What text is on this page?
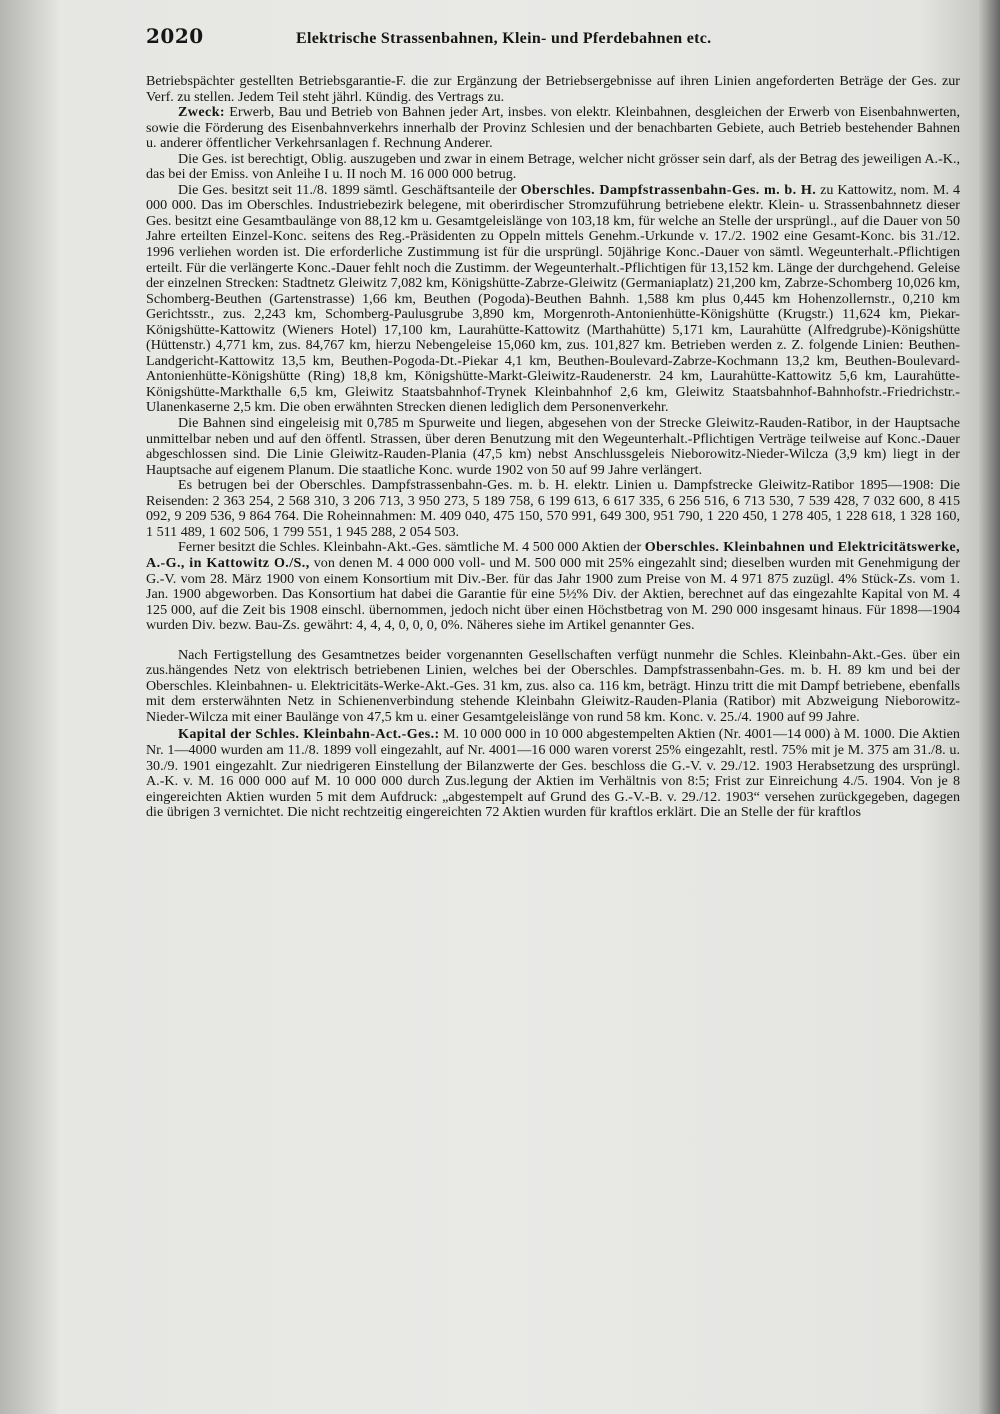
2020	Elektrische Strassenbahnen, Klein- und Pferdebahnen etc.

Betriebspächter gestellten Betriebsgarantie-F. die zur Ergänzung der Betriebsergebnisse auf ihren Linien angeforderten Beträge der Ges. zur Verf. zu stellen. Jedem Teil steht jährl. Kündig. des Vertrags zu.

Zweck: Erwerb, Bau und Betrieb von Bahnen jeder Art, insbes. von elektr. Kleinbahnen, desgleichen der Erwerb von Eisenbahnwerten, sowie die Förderung des Eisenbahnverkehrs innerhalb der Provinz Schlesien und der benachbarten Gebiete, auch Betrieb bestehender Bahnen u. anderer öffentlicher Verkehrsanlagen f. Rechnung Anderer.

Die Ges. ist berechtigt, Oblig. auszugeben und zwar in einem Betrage, welcher nicht grösser sein darf, als der Betrag des jeweiligen A.-K., das bei der Emiss. von Anleihe I u. II noch M. 16 000 000 betrug.

Die Ges. besitzt seit 11./8. 1899 sämtl. Geschäftsanteile der Oberschles. Dampfstrassenbahn-Ges. m. b. H. zu Kattowitz, nom. M. 4 000 000. Das im Oberschles. Industriebezirk belegene, mit oberirdischer Stromzuführung betriebene elektr. Klein- u. Strassenbahnnetz dieser Ges. besitzt eine Gesamtbaulänge von 88,12 km u. Gesamtgeleislänge von 103,18 km, für welche an Stelle der ursprüngl., auf die Dauer von 50 Jahre erteilten Einzel-Konc. seitens des Reg.-Präsidenten zu Oppeln mittels Genehm.-Urkunde v. 17./2. 1902 eine Gesamt-Konc. bis 31./12. 1996 verliehen worden ist. Die erforderliche Zustimmung ist für die ursprüngl. 50jährige Konc.-Dauer von sämtl. Wegeunterhalt.-Pflichtigen erteilt. Für die verlängerte Konc.-Dauer fehlt noch die Zustimm. der Wegeunterhalt.-Pflichtigen für 13,152 km. Länge der durchgehend. Geleise der einzelnen Strecken: Stadtnetz Gleiwitz 7,082 km, Königshütte-Zabrze-Gleiwitz (Germaniaplatz) 21,200 km, Zabrze-Schomberg 10,026 km, Schomberg-Beuthen (Gartenstrasse) 1,66 km, Beuthen (Pogoda)-Beuthen Bahnh. 1,588 km plus 0,445 km Hohenzollernstr., 0,210 km Gerichtsstr., zus. 2,243 km, Schomberg-Paulusgrube 3,890 km, Morgenroth-Antonienhütte-Königshütte (Krugstr.) 11,624 km, Piekar-Königshütte-Kattowitz (Wieners Hotel) 17,100 km, Laurahütte-Kattowitz (Marthahütte) 5,171 km, Laurahütte (Alfredgrube)-Königshütte (Hüttenstr.) 4,771 km, zus. 84,767 km, hierzu Nebengeleise 15,060 km, zus. 101,827 km. Betrieben werden z. Z. folgende Linien: Beuthen-Landgericht-Kattowitz 13,5 km, Beuthen-Pogoda-Dt.-Piekar 4,1 km, Beuthen-Boulevard-Zabrze-Kochmann 13,2 km, Beuthen-Boulevard-Antonienhütte-Königshütte (Ring) 18,8 km, Königshütte-Markt-Gleiwitz-Raudenerstr. 24 km, Laurahütte-Kattowitz 5,6 km, Laurahütte-Königshütte-Markthalle 6,5 km, Gleiwitz Staatsbahnhof-Trynek Kleinbahnhof 2,6 km, Gleiwitz Staatsbahnhof-Bahnhofstr.-Friedrichstr.-Ulanenkaserne 2,5 km. Die oben erwähnten Strecken dienen lediglich dem Personenverkehr.

Die Bahnen sind eingeleisig mit 0,785 m Spurweite und liegen, abgesehen von der Strecke Gleiwitz-Rauden-Ratibor, in der Hauptsache unmittelbar neben und auf den öffentl. Strassen, über deren Benutzung mit den Wegeunterhalt.-Pflichtigen Verträge teilweise auf Konc.-Dauer abgeschlossen sind. Die Linie Gleiwitz-Rauden-Plania (47,5 km) nebst Anschlussgeleis Nieborowitz-Nieder-Wilcza (3,9 km) liegt in der Hauptsache auf eigenem Planum. Die staatliche Konc. wurde 1902 von 50 auf 99 Jahre verlängert.

Es betrugen bei der Oberschles. Dampfstrassenbahn-Ges. m. b. H. elektr. Linien u. Dampfstrecke Gleiwitz-Ratibor 1895—1908: Die Reisenden: 2 363 254, 2 568 310, 3 206 713, 3 950 273, 5 189 758, 6 199 613, 6 617 335, 6 256 516, 6 713 530, 7 539 428, 7 032 600, 8 415 092, 9 209 536, 9 864 764. Die Roheinnahmen: M. 409 040, 475 150, 570 991, 649 300, 951 790, 1 220 450, 1 278 405, 1 228 618, 1 328 160, 1 511 489, 1 602 506, 1 799 551, 1 945 288, 2 054 503.

Ferner besitzt die Schles. Kleinbahn-Akt.-Ges. sämtliche M. 4 500 000 Aktien der Oberschles. Kleinbahnen und Elektricitätswerke, A.-G., in Kattowitz O./S., von denen M. 4 000 000 voll- und M. 500 000 mit 25% eingezahlt sind; dieselben wurden mit Genehmigung der G.-V. vom 28. März 1900 von einem Konsortium mit Div.-Ber. für das Jahr 1900 zum Preise von M. 4 971 875 zuzügl. 4% Stück-Zs. vom 1. Jan. 1900 abgeworben. Das Konsortium hat dabei die Garantie für eine 5½% Div. der Aktien, berechnet auf das eingezahlte Kapital von M. 4 125 000, auf die Zeit bis 1908 einschl. übernommen, jedoch nicht über einen Höchstbetrag von M. 290 000 insgesamt hinaus. Für 1898—1904 wurden Div. bezw. Bau-Zs. gewährt: 4, 4, 4, 0, 0, 0, 0%. Näheres siehe im Artikel genannter Ges.

Nach Fertigstellung des Gesamtnetzes beider vorgenannten Gesellschaften verfügt nunmehr die Schles. Kleinbahn-Akt.-Ges. über ein zus.hängendes Netz von elektrisch betriebenen Linien, welches bei der Oberschles. Dampfstrassenbahn-Ges. m. b. H. 89 km und bei der Oberschles. Kleinbahnen- u. Elektricitäts-Werke-Akt.-Ges. 31 km, zus. also ca. 116 km, beträgt. Hinzu tritt die mit Dampf betriebene, ebenfalls mit dem ersterwähnten Netz in Schienenverbindung stehende Kleinbahn Gleiwitz-Rauden-Plania (Ratibor) mit Abzweigung Nieborowitz-Nieder-Wilcza mit einer Baulänge von 47,5 km u. einer Gesamtgeleislänge von rund 58 km. Konc. v. 25./4. 1900 auf 99 Jahre.

Kapital der Schles. Kleinbahn-Act.-Ges.: M. 10 000 000 in 10 000 abgestempelten Aktien (Nr. 4001—14 000) à M. 1000. Die Aktien Nr. 1—4000 wurden am 11./8. 1899 voll eingezahlt, auf Nr. 4001—16 000 waren vorerst 25% eingezahlt, restl. 75% mit je M. 375 am 31./8. u. 30./9. 1901 eingezahlt. Zur niedrigeren Einstellung der Bilanzwerte der Ges. beschloss die G.-V. v. 29./12. 1903 Herabsetzung des ursprüngl. A.-K. v. M. 16 000 000 auf M. 10 000 000 durch Zus.legung der Aktien im Verhältnis von 8:5; Frist zur Einreichung 4./5. 1904. Von je 8 eingereichten Aktien wurden 5 mit dem Aufdruck: „abgestempelt auf Grund des G.-V.-B. v. 29./12. 1903“ versehen zurückgegeben, dagegen die übrigen 3 vernichtet. Die nicht rechtzeitig eingereichten 72 Aktien wurden für kraftlos erklärt. Die an Stelle der für kraftlos
